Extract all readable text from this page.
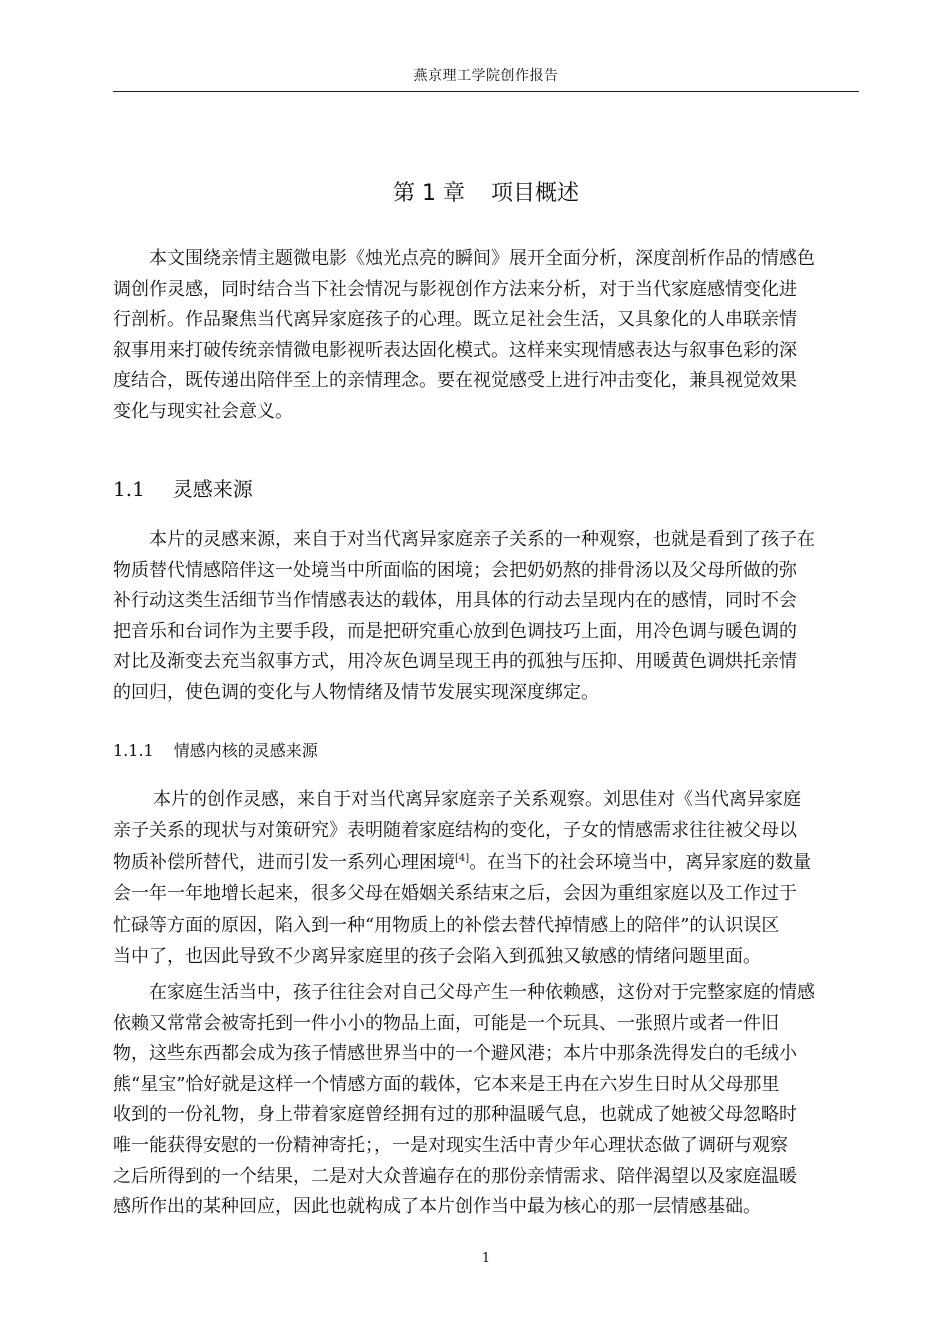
燕京理工学院创作报告
第 1 章 项目概述

本文围绕亲情主题微电影《烛光点亮的瞬间》展开全面分析，深度剖析作品的情感色
调创作灵感，同时结合当下社会情况与影视创作方法来分析，对于当代家庭感情变化进
行剖析。作品聚焦当代离异家庭孩子的心理。既立足社会生活，又具象化的人串联亲情
叙事用来打破传统亲情微电影视听表达固化模式。这样来实现情感表达与叙事色彩的深
度结合，既传递出陪伴至上的亲情理念。要在视觉感受上进行冲击变化，兼具视觉效果
变化与现实社会意义。

1.1 灵感来源

本片的灵感来源，来自于对当代离异家庭亲子关系的一种观察，也就是看到了孩子在
物质替代情感陪伴这一处境当中所面临的困境；会把奶奶熬的排骨汤以及父母所做的弥
补行动这类生活细节当作情感表达的载体，用具体的行动去呈现内在的感情，同时不会
把音乐和台词作为主要手段，而是把研究重心放到色调技巧上面，用冷色调与暖色调的
对比及渐变去充当叙事方式，用冷灰色调呈现王冉的孤独与压抑、用暖黄色调烘托亲情
的回归，使色调的变化与人物情绪及情节发展实现深度绑定。

1.1.1 情感内核的灵感来源

本片的创作灵感，来自于对当代离异家庭亲子关系观察。刘思佳对《当代离异家庭
亲子关系的现状与对策研究》表明随着家庭结构的变化，子女的情感需求往往被父母以
物质补偿所替代，进而引发一系列心理困境[4]。在当下的社会环境当中，离异家庭的数量
会一年一年地增长起来，很多父母在婚姻关系结束之后，会因为重组家庭以及工作过于
忙碌等方面的原因，陷入到一种“用物质上的补偿去替代掉情感上的陪伴”的认识误区
当中了，也因此导致不少离异家庭里的孩子会陷入到孤独又敏感的情绪问题里面。

在家庭生活当中，孩子往往会对自己父母产生一种依赖感，这份对于完整家庭的情感
依赖又常常会被寄托到一件小小的物品上面，可能是一个玩具、一张照片或者一件旧
物，这些东西都会成为孩子情感世界当中的一个避风港；本片中那条洗得发白的毛绒小
熊“星宝”恰好就是这样一个情感方面的载体，它本来是王冉在六岁生日时从父母那里
收到的一份礼物，身上带着家庭曾经拥有过的那种温暖气息，也就成了她被父母忽略时
唯一能获得安慰的一份精神寄托；，一是对现实生活中青少年心理状态做了调研与观察
之后所得到的一个结果，二是对大众普遍存在的那份亲情需求、陪伴渴望以及家庭温暖
感所作出的某种回应，因此也就构成了本片创作当中最为核心的那一层情感基础。

1
